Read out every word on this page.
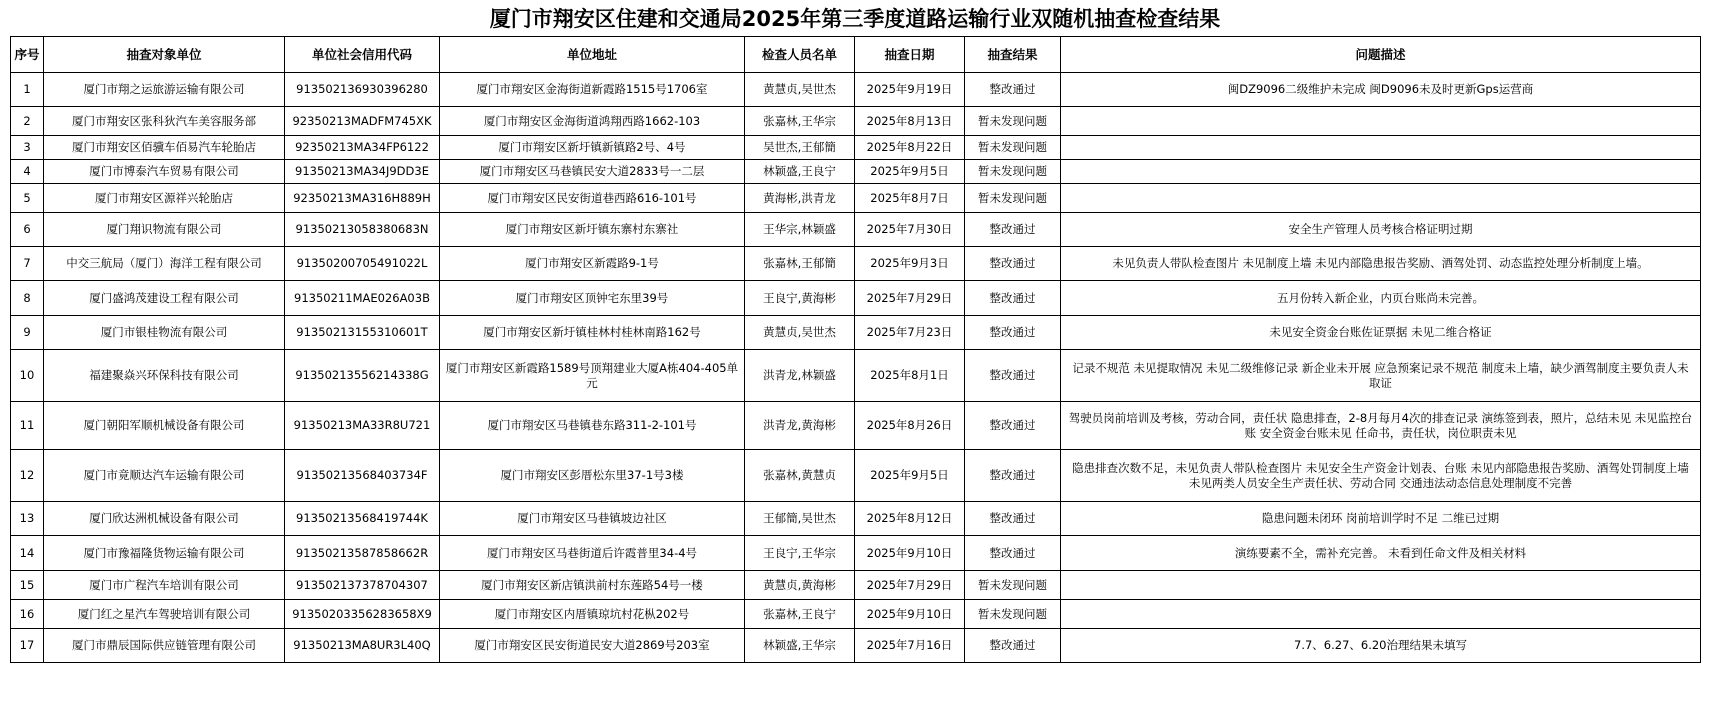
厦门市翔安区住建和交通局2025年第三季度道路运输行业双随机抽查检查结果
序号	抽查对象单位	单位社会信用代码	单位地址	检查人员名单	抽查日期	抽查结果	问题描述
1	厦门市翔之运旅游运输有限公司	913502136930396280	厦门市翔安区金海街道新霞路1515号1706室	黄慧贞,吴世杰	2025年9月19日	整改通过	闽DZ9096二级维护未完成 闽D9096未及时更新Gps运营商
2	厦门市翔安区张科狄汽车美容服务部	92350213MADFM745XK	厦门市翔安区金海街道鸿翔西路1662-103	张嘉林,王华宗	2025年8月13日	暂未发现问题	
3	厦门市翔安区佰骥车佰易汽车轮胎店	92350213MA34FP6122	厦门市翔安区新圩镇新镇路2号、4号	吴世杰,王郁簡	2025年8月22日	暂未发现问题	
4	厦门市博泰汽车贸易有限公司	91350213MA34J9DD3E	厦门市翔安区马巷镇民安大道2833号一二层	林颖盛,王良宁	2025年9月5日	暂未发现问题	
5	厦门市翔安区源祥兴轮胎店	92350213MA316H889H	厦门市翔安区民安街道巷西路616-101号	黄海彬,洪青龙	2025年8月7日	暂未发现问题	
6	厦门翔识物流有限公司	91350213058380683N	厦门市翔安区新圩镇东寨村东寨社	王华宗,林颖盛	2025年7月30日	整改通过	安全生产管理人员考核合格证明过期
7	中交三航局（厦门）海洋工程有限公司	91350200705491022L	厦门市翔安区新霞路9-1号	张嘉林,王郁簡	2025年9月3日	整改通过	未见负责人带队检查图片 未见制度上墙 未见内部隐患报告奖励、酒驾处罚、动态监控处理分析制度上墙。
8	厦门盛鸿茂建设工程有限公司	91350211MAE026A03B	厦门市翔安区顶钟宅东里39号	王良宁,黄海彬	2025年7月29日	整改通过	五月份转入新企业，内页台账尚未完善。
9	厦门市银桂物流有限公司	91350213155310601T	厦门市翔安区新圩镇桂林村桂林南路162号	黄慧贞,吴世杰	2025年7月23日	整改通过	未见安全资金台账佐证票据 未见二维合格证
10	福建聚焱兴环保科技有限公司	91350213556214338G	厦门市翔安区新霞路1589号顶翔建业大厦A栋404-405单元	洪青龙,林颖盛	2025年8月1日	整改通过	记录不规范 未见提取情况 未见二级维修记录 新企业未开展 应急预案记录不规范 制度未上墙，缺少酒驾制度主要负责人未取证
11	厦门朝阳军顺机械设备有限公司	91350213MA33R8U721	厦门市翔安区马巷镇巷东路311-2-101号	洪青龙,黄海彬	2025年8月26日	整改通过	驾驶员岗前培训及考核，劳动合同，责任状 隐患排查，2-8月每月4次的排查记录 演练签到表，照片，总结未见 未见监控台账 安全资金台账未见 任命书，责任状，岗位职责未见
12	厦门市竟顺达汽车运输有限公司	91350213568403734F	厦门市翔安区彭厝松东里37-1号3楼	张嘉林,黄慧贞	2025年9月5日	整改通过	隐患排查次数不足，未见负责人带队检查图片 未见安全生产资金计划表、台账 未见内部隐患报告奖励、酒驾处罚制度上墙 未见两类人员安全生产责任状、劳动合同 交通违法动态信息处理制度不完善
13	厦门欣达洲机械设备有限公司	91350213568419744K	厦门市翔安区马巷镇坡边社区	王郁簡,吴世杰	2025年8月12日	整改通过	隐患问题未闭环 岗前培训学时不足 二维已过期
14	厦门市豫福隆货物运输有限公司	91350213587858662R	厦门市翔安区马巷街道后许霞普里34-4号	王良宁,王华宗	2025年9月10日	整改通过	演练要素不全，需补充完善。 未看到任命文件及相关材料
15	厦门市广程汽车培训有限公司	913502137378704307	厦门市翔安区新店镇洪前村东莲路54号一楼	黄慧贞,黄海彬	2025年7月29日	暂未发现问题	
16	厦门红之星汽车驾驶培训有限公司	91350203356283658X9	厦门市翔安区内厝镇琼坑村花枞202号	张嘉林,王良宁	2025年9月10日	暂未发现问题	
17	厦门市鼎辰国际供应链管理有限公司	91350213MA8UR3L40Q	厦门市翔安区民安街道民安大道2869号203室	林颖盛,王华宗	2025年7月16日	整改通过	7.7、6.27、6.20治理结果未填写
